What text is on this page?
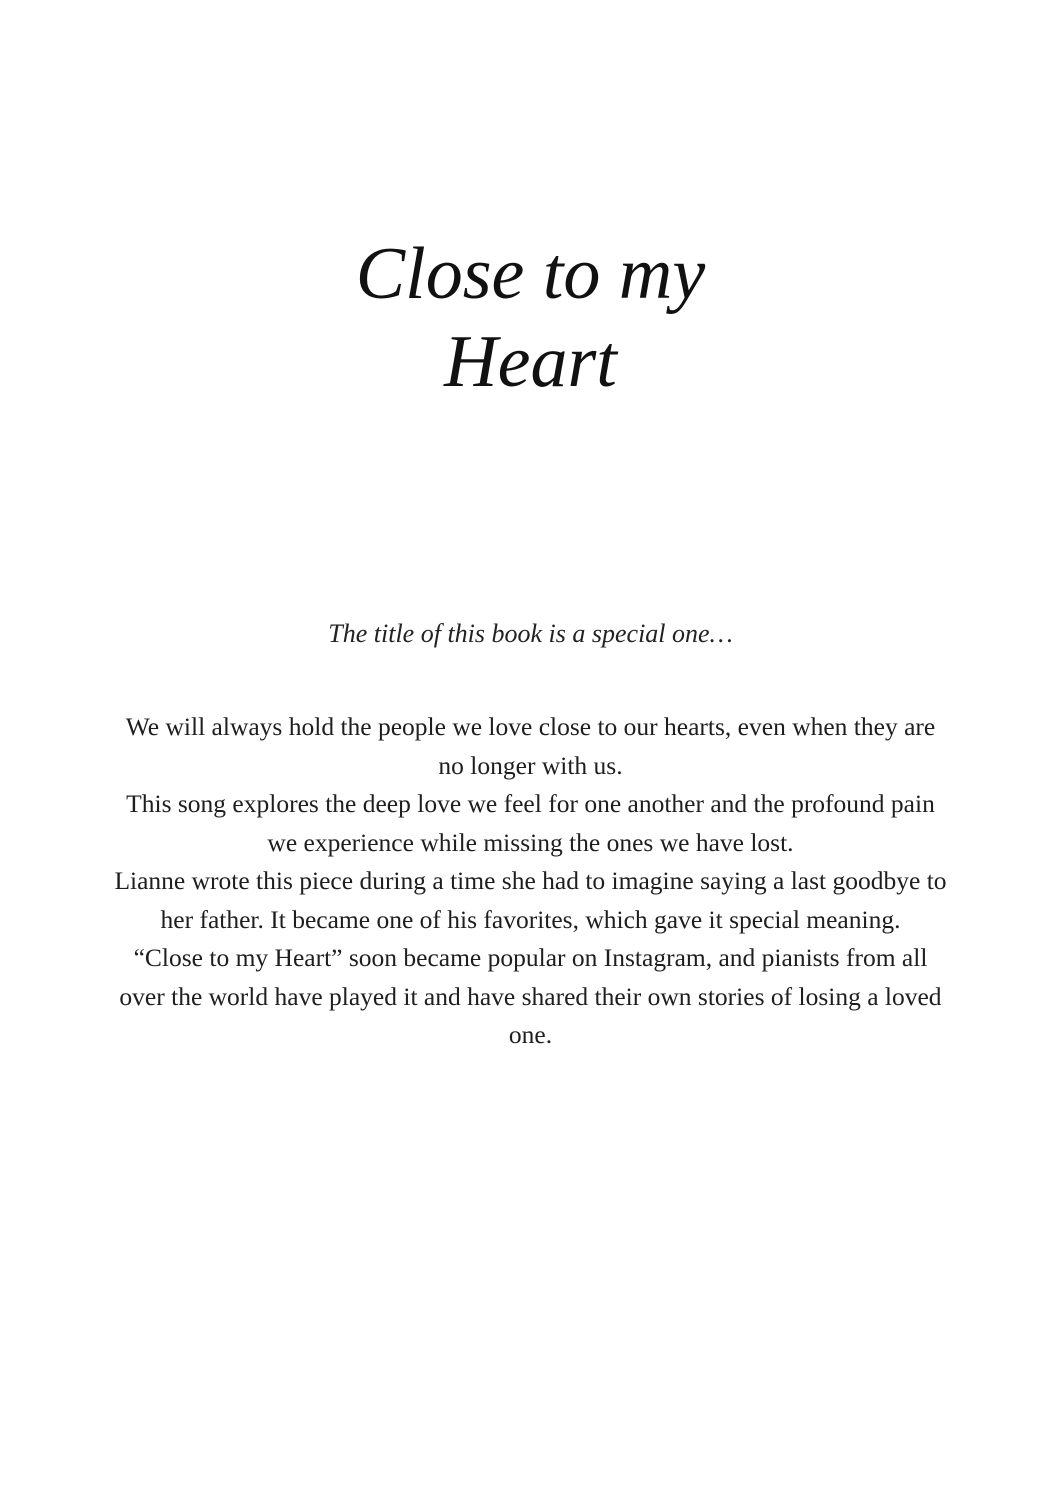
Close to my
Heart

The title of this book is a special one…

We will always hold the people we love close to our hearts, even when they are no longer with us.

This song explores the deep love we feel for one another and the profound pain we experience while missing the ones we have lost.

Lianne wrote this piece during a time she had to imagine saying a last goodbye to her father. It became one of his favorites, which gave it special meaning.

“Close to my Heart” soon became popular on Instagram, and pianists from all over the world have played it and have shared their own stories of losing a loved one.
